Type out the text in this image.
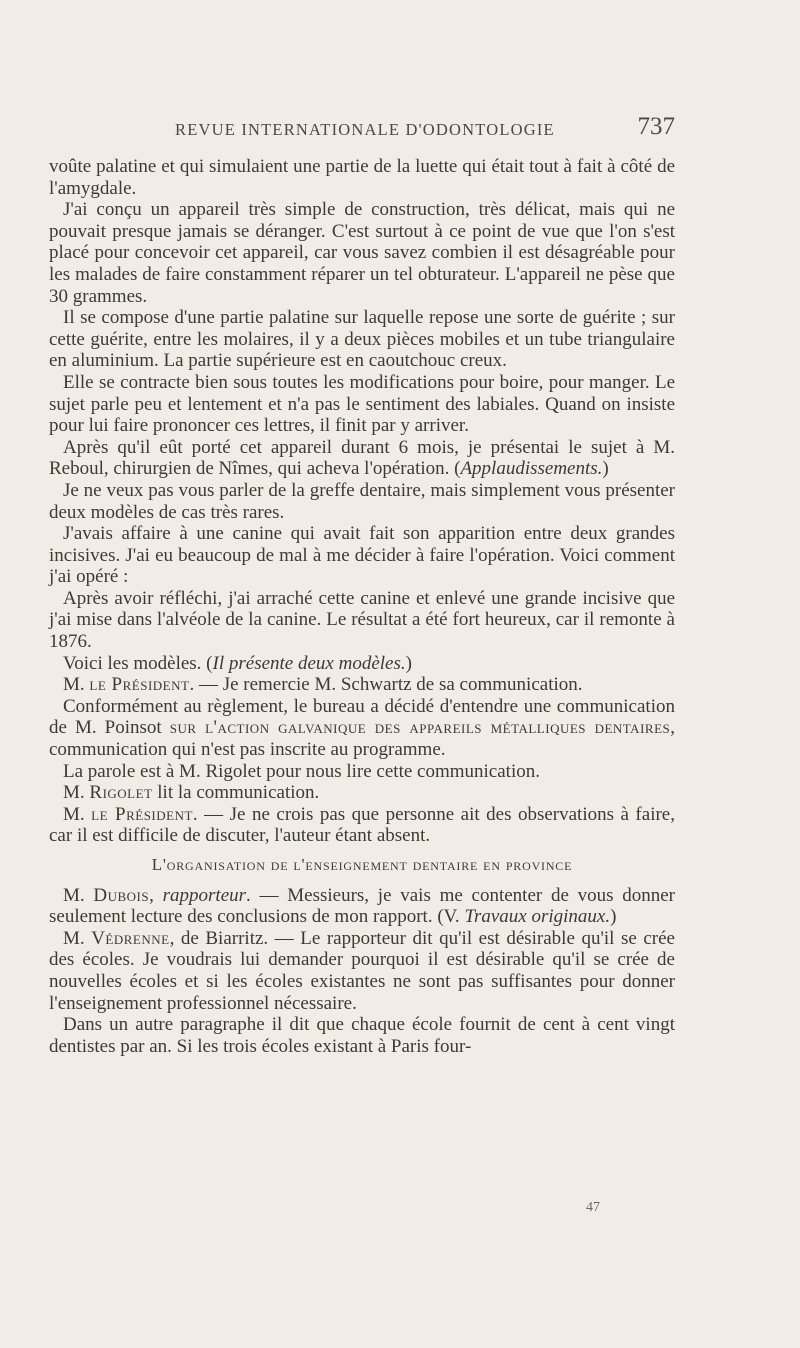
REVUE INTERNATIONALE D'ODONTOLOGIE	737

voûte palatine et qui simulaient une partie de la luette qui était tout à fait à côté de l'amygdale.

J'ai conçu un appareil très simple de construction, très délicat, mais qui ne pouvait presque jamais se déranger. C'est surtout à ce point de vue que l'on s'est placé pour concevoir cet appareil, car vous savez combien il est désagréable pour les malades de faire constamment réparer un tel obturateur. L'appareil ne pèse que 30 grammes.

Il se compose d'une partie palatine sur laquelle repose une sorte de guérite ; sur cette guérite, entre les molaires, il y a deux pièces mobiles et un tube triangulaire en aluminium. La partie supérieure est en caoutchouc creux.

Elle se contracte bien sous toutes les modifications pour boire, pour manger. Le sujet parle peu et lentement et n'a pas le sentiment des labiales. Quand on insiste pour lui faire prononcer ces lettres, il finit par y arriver.

Après qu'il eût porté cet appareil durant 6 mois, je présentai le sujet à M. Reboul, chirurgien de Nîmes, qui acheva l'opération. (Applaudissements.)

Je ne veux pas vous parler de la greffe dentaire, mais simplement vous présenter deux modèles de cas très rares.

J'avais affaire à une canine qui avait fait son apparition entre deux grandes incisives. J'ai eu beaucoup de mal à me décider à faire l'opération. Voici comment j'ai opéré :

Après avoir réfléchi, j'ai arraché cette canine et enlevé une grande incisive que j'ai mise dans l'alvéole de la canine. Le résultat a été fort heureux, car il remonte à 1876.

Voici les modèles. (Il présente deux modèles.)

M. le Président. — Je remercie M. Schwartz de sa communication.

Conformément au règlement, le bureau a décidé d'entendre une communication de M. Poinsot sur l'action galvanique des appareils métalliques dentaires, communication qui n'est pas inscrite au programme.

La parole est à M. Rigolet pour nous lire cette communication.

M. Rigolet lit la communication.

M. le Président. — Je ne crois pas que personne ait des observations à faire, car il est difficile de discuter, l'auteur étant absent.

L'organisation de l'enseignement dentaire en province

M. Dubois, rapporteur. — Messieurs, je vais me contenter de vous donner seulement lecture des conclusions de mon rapport. (V. Travaux originaux.)

M. Védrenne, de Biarritz. — Le rapporteur dit qu'il est désirable qu'il se crée des écoles. Je voudrais lui demander pourquoi il est désirable qu'il se crée de nouvelles écoles et si les écoles existantes ne sont pas suffisantes pour donner l'enseignement professionnel nécessaire.

Dans un autre paragraphe il dit que chaque école fournit de cent à cent vingt dentistes par an. Si les trois écoles existant à Paris four-

47
